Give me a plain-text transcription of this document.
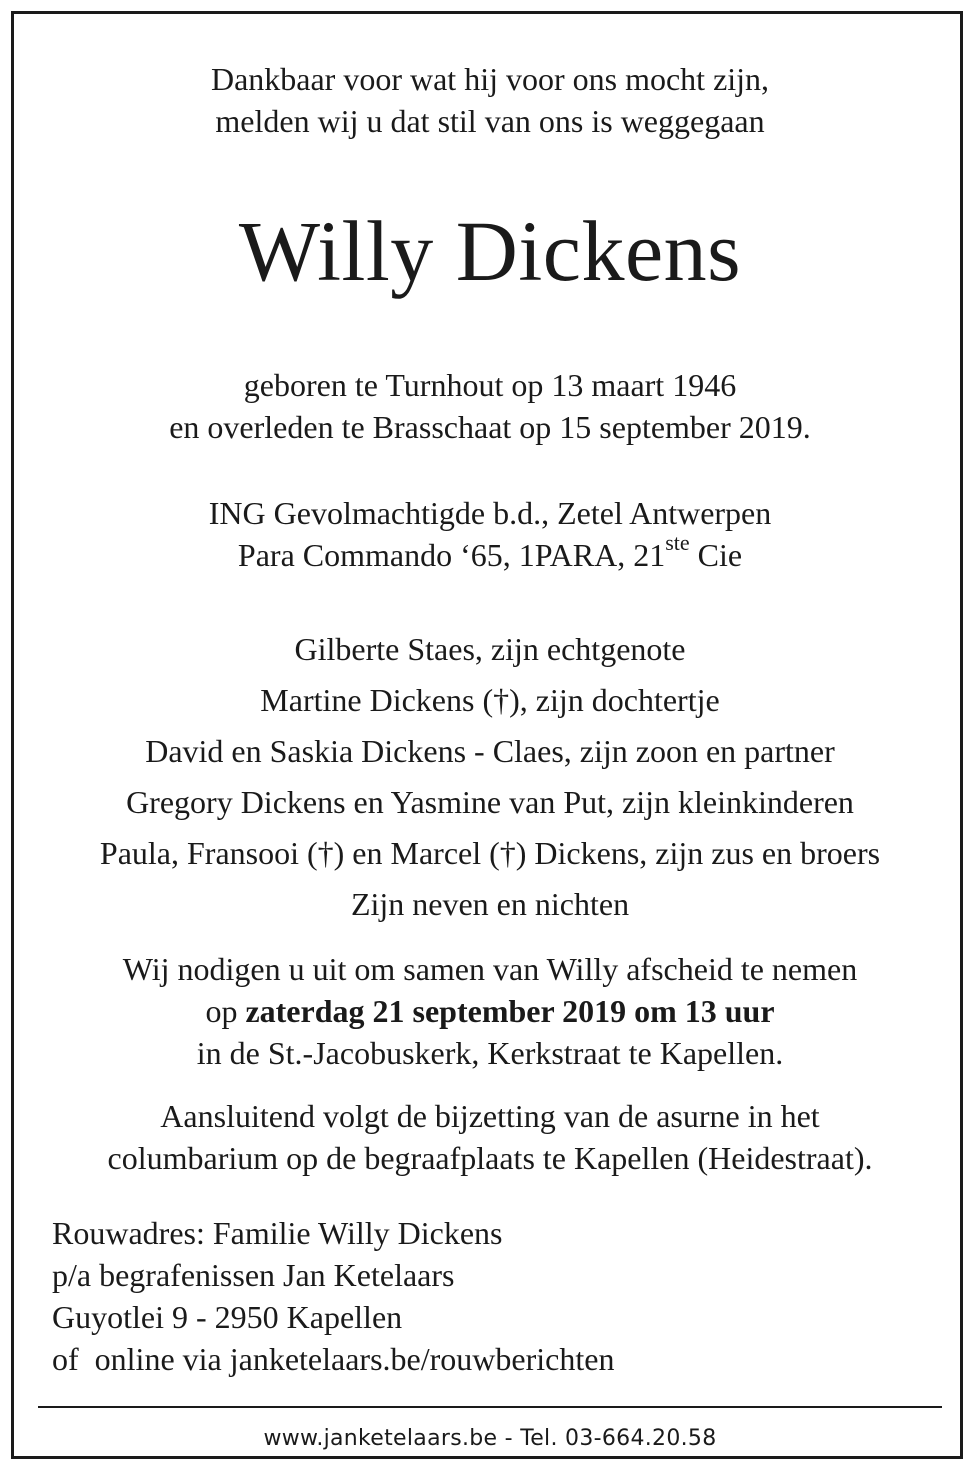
Dankbaar voor wat hij voor ons mocht zijn,
melden wij u dat stil van ons is weggegaan
Willy Dickens
geboren te Turnhout op 13 maart 1946
en overleden te Brasschaat op 15 september 2019.
ING Gevolmachtigde b.d., Zetel Antwerpen
Para Commando ‘65, 1PARA, 21ste Cie
Gilberte Staes, zijn echtgenote
Martine Dickens (†), zijn dochtertje
David en Saskia Dickens - Claes, zijn zoon en partner
Gregory Dickens en Yasmine van Put, zijn kleinkinderen
Paula, Fransooi (†) en Marcel (†) Dickens, zijn zus en broers
Zijn neven en nichten
Wij nodigen u uit om samen van Willy afscheid te nemen
op zaterdag 21 september 2019 om 13 uur
in de St.-Jacobuskerk, Kerkstraat te Kapellen.
Aansluitend volgt de bijzetting van de asurne in het
columbarium op de begraafplaats te Kapellen (Heidestraat).
Rouwadres: Familie Willy Dickens
p/a begrafenissen Jan Ketelaars
Guyotlei 9 - 2950 Kapellen
of  online via janketelaars.be/rouwberichten
www.janketelaars.be - Tel. 03-664.20.58
